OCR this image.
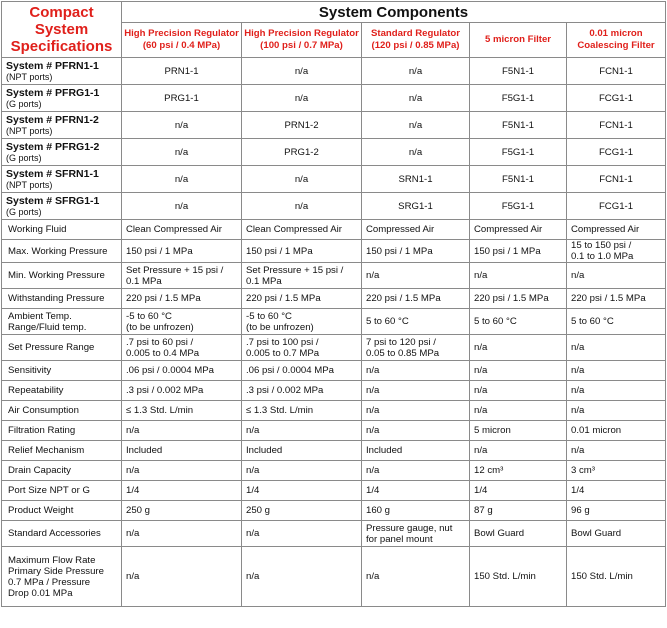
Compact
System
Specifications	System Components				
	High Precision Regulator
(60 psi / 0.4 MPa)	High Precision Regulator
(100 psi / 0.7 MPa)	Standard Regulator
(120 psi / 0.85 MPa)	5 micron Filter	0.01 micron
Coalescing Filter
System # PFRN1-1
(NPT ports)	PRN1-1	n/a	n/a	F5N1-1	FCN1-1
System # PFRG1-1
(G ports)	PRG1-1	n/a	n/a	F5G1-1	FCG1-1
System # PFRN1-2
(NPT ports)	n/a	PRN1-2	n/a	F5N1-1	FCN1-1
System # PFRG1-2
(G ports)	n/a	PRG1-2	n/a	F5G1-1	FCG1-1
System # SFRN1-1
(NPT ports)	n/a	n/a	SRN1-1	F5N1-1	FCN1-1
System # SFRG1-1
(G ports)	n/a	n/a	SRG1-1	F5G1-1	FCG1-1
Working Fluid	Clean Compressed Air	Clean Compressed Air	Compressed Air	Compressed Air	Compressed Air
Max. Working Pressure	150 psi / 1 MPa	150 psi / 1 MPa	150 psi / 1 MPa	150 psi / 1 MPa	15 to 150 psi /
0.1 to 1.0 MPa
Min. Working Pressure	Set Pressure + 15 psi /
0.1 MPa	Set Pressure + 15 psi /
0.1 MPa	n/a	n/a	n/a
Withstanding Pressure	220 psi / 1.5 MPa	220 psi / 1.5 MPa	220 psi / 1.5 MPa	220 psi / 1.5 MPa	220 psi / 1.5 MPa
Ambient Temp.
Range/Fluid temp.	-5 to 60 °C
(to be unfrozen)	-5 to 60 °C
(to be unfrozen)	5 to 60 °C	5 to 60 °C	5 to 60 °C
Set Pressure Range	.7 psi to 60 psi /
0.005 to 0.4 MPa	.7 psi to 100 psi /
0.005 to 0.7 MPa	7 psi to 120 psi /
0.05 to 0.85 MPa	n/a	n/a
Sensitivity	.06 psi / 0.0004 MPa	.06 psi / 0.0004 MPa	n/a	n/a	n/a
Repeatability	.3 psi / 0.002 MPa	.3 psi / 0.002 MPa	n/a	n/a	n/a
Air Consumption	≤ 1.3 Std. L/min	≤ 1.3 Std. L/min	n/a	n/a	n/a
Filtration Rating	n/a	n/a	n/a	5 micron	0.01 micron
Relief Mechanism	Included	Included	Included	n/a	n/a
Drain Capacity	n/a	n/a	n/a	12 cm³	3 cm³
Port Size NPT or G	1/4	1/4	1/4	1/4	1/4
Product Weight	250 g	250 g	160 g	87 g	96 g
Standard Accessories	n/a	n/a	Pressure gauge, nut
for panel mount	Bowl Guard	Bowl Guard
Maximum Flow Rate
Primary Side Pressure
0.7 MPa / Pressure
Drop 0.01 MPa	n/a	n/a	n/a	150 Std. L/min	150 Std. L/min
